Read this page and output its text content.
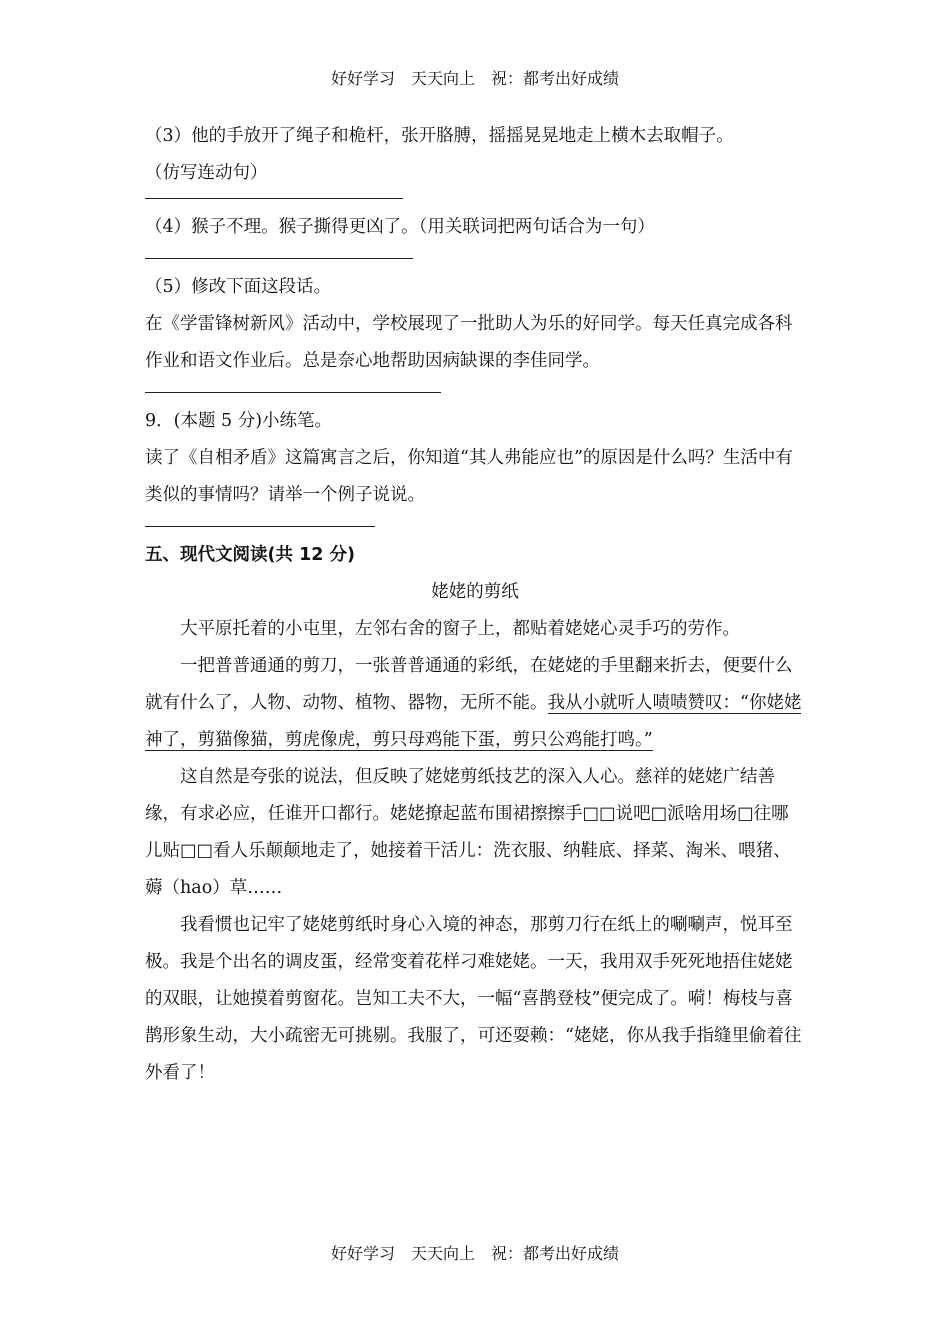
好好学习　天天向上　祝：都考出好成绩
（3）他的手放开了绳子和桅杆，张开胳膊，摇摇晃晃地走上横木去取帽子。
（仿写连动句）
（4）猴子不理。猴子撕得更凶了。（用关联词把两句话合为一句）
（5）修改下面这段话。

在《学雷锋树新风》活动中，学校展现了一批助人为乐的好同学。每天任真完成各科作业和语文作业后。总是奈心地帮助因病缺课的李佳同学。

9．(本题 5 分)小练笔。

读了《自相矛盾》这篇寓言之后，你知道“其人弗能应也”的原因是什么吗？生活中有类似的事情吗？请举一个例子说说。

五、现代文阅读(共 12 分)
姥姥的剪纸

大平原托着的小屯里，左邻右舍的窗子上，都贴着姥姥心灵手巧的劳作。

一把普普通通的剪刀，一张普普通通的彩纸，在姥姥的手里翻来折去，便要什么就有什么了，人物、动物、植物、器物，无所不能。我从小就听人啧啧赞叹：“你姥姥神了，剪猫像猫，剪虎像虎，剪只母鸡能下蛋，剪只公鸡能打鸣。”

这自然是夸张的说法，但反映了姥姥剪纸技艺的深入人心。慈祥的姥姥广结善缘，有求必应，任谁开口都行。姥姥撩起蓝布围裙擦擦手□□说吧□派啥用场□往哪儿贴□□看人乐颠颠地走了，她接着干活儿：洗衣服、纳鞋底、择菜、淘米、喂猪、薅（hao）草……

我看惯也记牢了姥姥剪纸时身心入境的神态，那剪刀行在纸上的唰唰声，悦耳至极。我是个出名的调皮蛋，经常变着花样刁难姥姥。一天，我用双手死死地捂住姥姥的双眼，让她摸着剪窗花。岂知工夫不大，一幅“喜鹊登枝”便完成了。嗬！梅枝与喜鹊形象生动，大小疏密无可挑剔。我服了，可还耍赖：“姥姥，你从我手指缝里偷着往外看了！

好好学习　天天向上　祝：都考出好成绩
